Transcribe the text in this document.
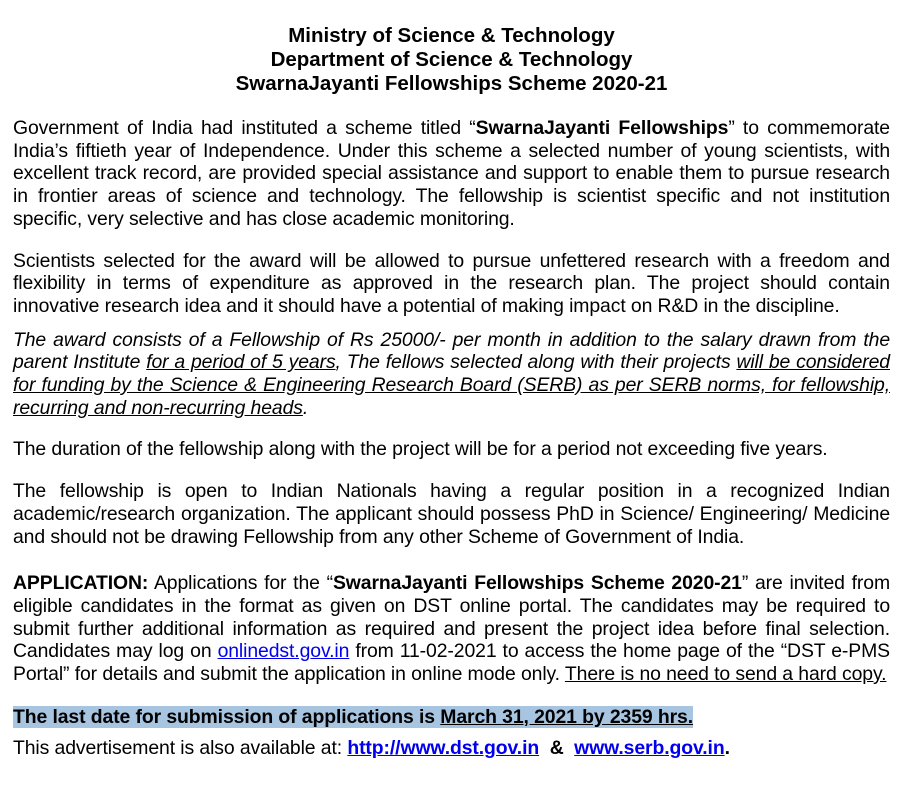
Ministry of Science & Technology
Department of Science & Technology
SwarnaJayanti Fellowships Scheme 2020-21

Government of India had instituted a scheme titled “SwarnaJayanti Fellowships” to commemorate India’s fiftieth year of Independence. Under this scheme a selected number of young scientists, with excellent track record, are provided special assistance and support to enable them to pursue research in frontier areas of science and technology. The fellowship is scientist specific and not institution specific, very selective and has close academic monitoring.

Scientists selected for the award will be allowed to pursue unfettered research with a freedom and flexibility in terms of expenditure as approved in the research plan. The project should contain innovative research idea and it should have a potential of making impact on R&D in the discipline.

The award consists of a Fellowship of Rs 25000/- per month in addition to the salary drawn from the parent Institute for a period of 5 years, The fellows selected along with their projects will be considered for funding by the Science & Engineering Research Board (SERB) as per SERB norms, for fellowship, recurring and non-recurring heads.

The duration of the fellowship along with the project will be for a period not exceeding five years.

The fellowship is open to Indian Nationals having a regular position in a recognized Indian academic/research organization. The applicant should possess PhD in Science/ Engineering/ Medicine and should not be drawing Fellowship from any other Scheme of Government of India.

APPLICATION: Applications for the “SwarnaJayanti Fellowships Scheme 2020-21” are invited from eligible candidates in the format as given on DST online portal. The candidates may be required to submit further additional information as required and present the project idea before final selection. Candidates may log on onlinedst.gov.in from 11-02-2021 to access the home page of the “DST e-PMS Portal” for details and submit the application in online mode only. There is no need to send a hard copy.

The last date for submission of applications is March 31, 2021 by 2359 hrs.

This advertisement is also available at: http://www.dst.gov.in & www.serb.gov.in.
